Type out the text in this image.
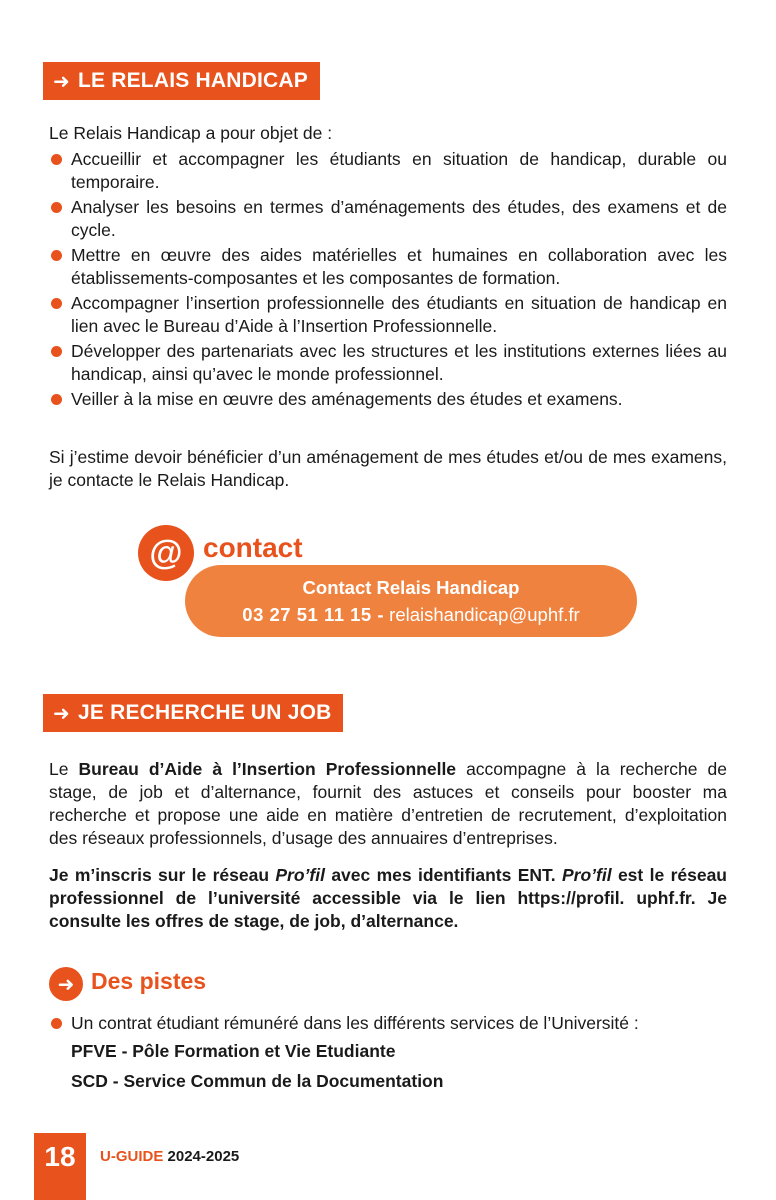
➜ LE RELAIS HANDICAP
Le Relais Handicap a pour objet de :
Accueillir et accompagner les étudiants en situation de handicap, durable ou temporaire.
Analyser les besoins en termes d’aménagements des études, des examens et de cycle.
Mettre en œuvre des aides matérielles et humaines en collaboration avec les établissements-composantes et les composantes de formation.
Accompagner l’insertion professionnelle des étudiants en situation de handicap en lien avec le Bureau d’Aide à l’Insertion Professionnelle.
Développer des partenariats avec les structures et les institutions externes liées au handicap, ainsi qu’avec le monde professionnel.
Veiller à la mise en œuvre des aménagements des études et examens.
Si j’estime devoir bénéficier d’un aménagement de mes études et/ou de mes examens, je contacte le Relais Handicap.
@ contact
Contact Relais Handicap
03 27 51 11 15 - relaishandicap@uphf.fr
➜ JE RECHERCHE UN JOB
Le Bureau d’Aide à l’Insertion Professionnelle accompagne à la recherche de stage, de job et d’alternance, fournit des astuces et conseils pour booster ma recherche et propose une aide en matière d’entretien de recrutement, d’exploitation des réseaux professionnels, d’usage des annuaires d’entreprises.
Je m’inscris sur le réseau Pro’fil avec mes identifiants ENT. Pro’fil est le réseau professionnel de l’université accessible via le lien https://profil. uphf.fr. Je consulte les offres de stage, de job, d’alternance.
➜ Des pistes
Un contrat étudiant rémunéré dans les différents services de l’Université :
PFVE - Pôle Formation et Vie Etudiante
SCD - Service Commun de la Documentation
18	U-GUIDE 2024-2025
